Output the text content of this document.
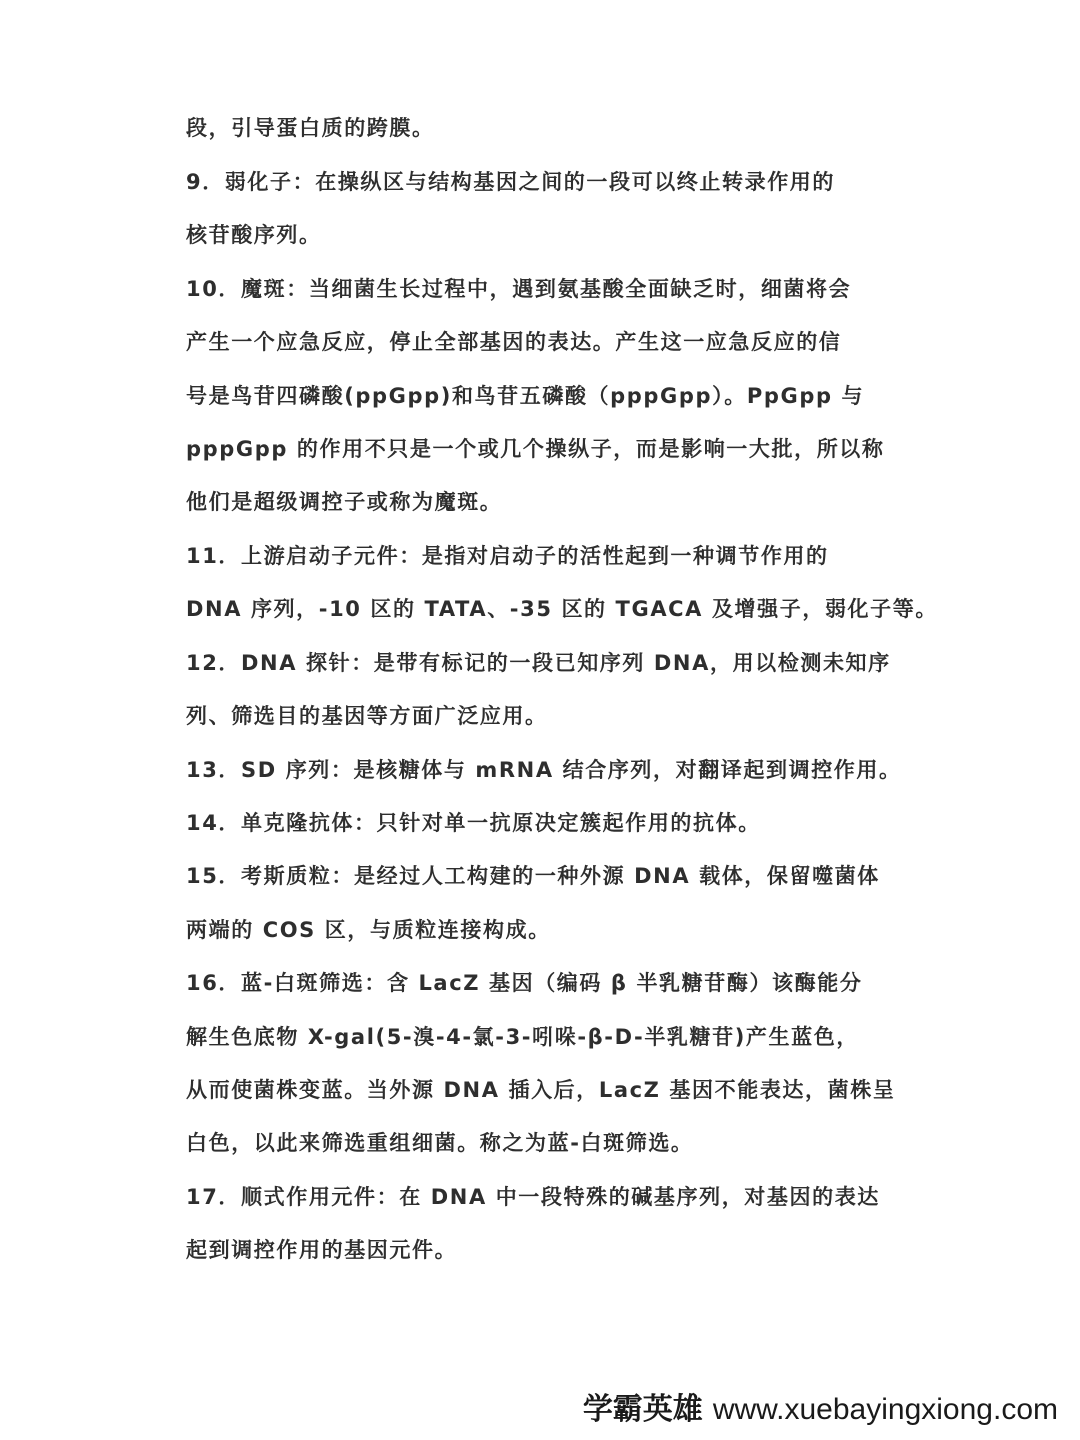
段，引导蛋白质的跨膜。
9．弱化子：在操纵区与结构基因之间的一段可以终止转录作用的
核苷酸序列。
10．魔斑：当细菌生长过程中，遇到氨基酸全面缺乏时，细菌将会
产生一个应急反应，停止全部基因的表达。产生这一应急反应的信
号是鸟苷四磷酸(ppGpp)和鸟苷五磷酸（pppGpp）。PpGpp 与
pppGpp 的作用不只是一个或几个操纵子，而是影响一大批，所以称
他们是超级调控子或称为魔斑。
11．上游启动子元件：是指对启动子的活性起到一种调节作用的
DNA 序列，-10 区的 TATA、-35 区的 TGACA 及增强子，弱化子等。
12．DNA 探针：是带有标记的一段已知序列 DNA，用以检测未知序
列、筛选目的基因等方面广泛应用。
13．SD 序列：是核糖体与 mRNA 结合序列，对翻译起到调控作用。
14．单克隆抗体：只针对单一抗原决定簇起作用的抗体。
15．考斯质粒：是经过人工构建的一种外源 DNA 载体，保留噬菌体
两端的 COS 区，与质粒连接构成。
16．蓝-白斑筛选：含 LacZ 基因（编码 β 半乳糖苷酶）该酶能分
解生色底物 X-gal(5-溴-4-氯-3-吲哚-β-D-半乳糖苷)产生蓝色，
从而使菌株变蓝。当外源 DNA 插入后，LacZ 基因不能表达，菌株呈
白色，以此来筛选重组细菌。称之为蓝-白斑筛选。
17．顺式作用元件：在 DNA 中一段特殊的碱基序列，对基因的表达
起到调控作用的基因元件。
学霸英雄 www.xuebayingxiong.com
